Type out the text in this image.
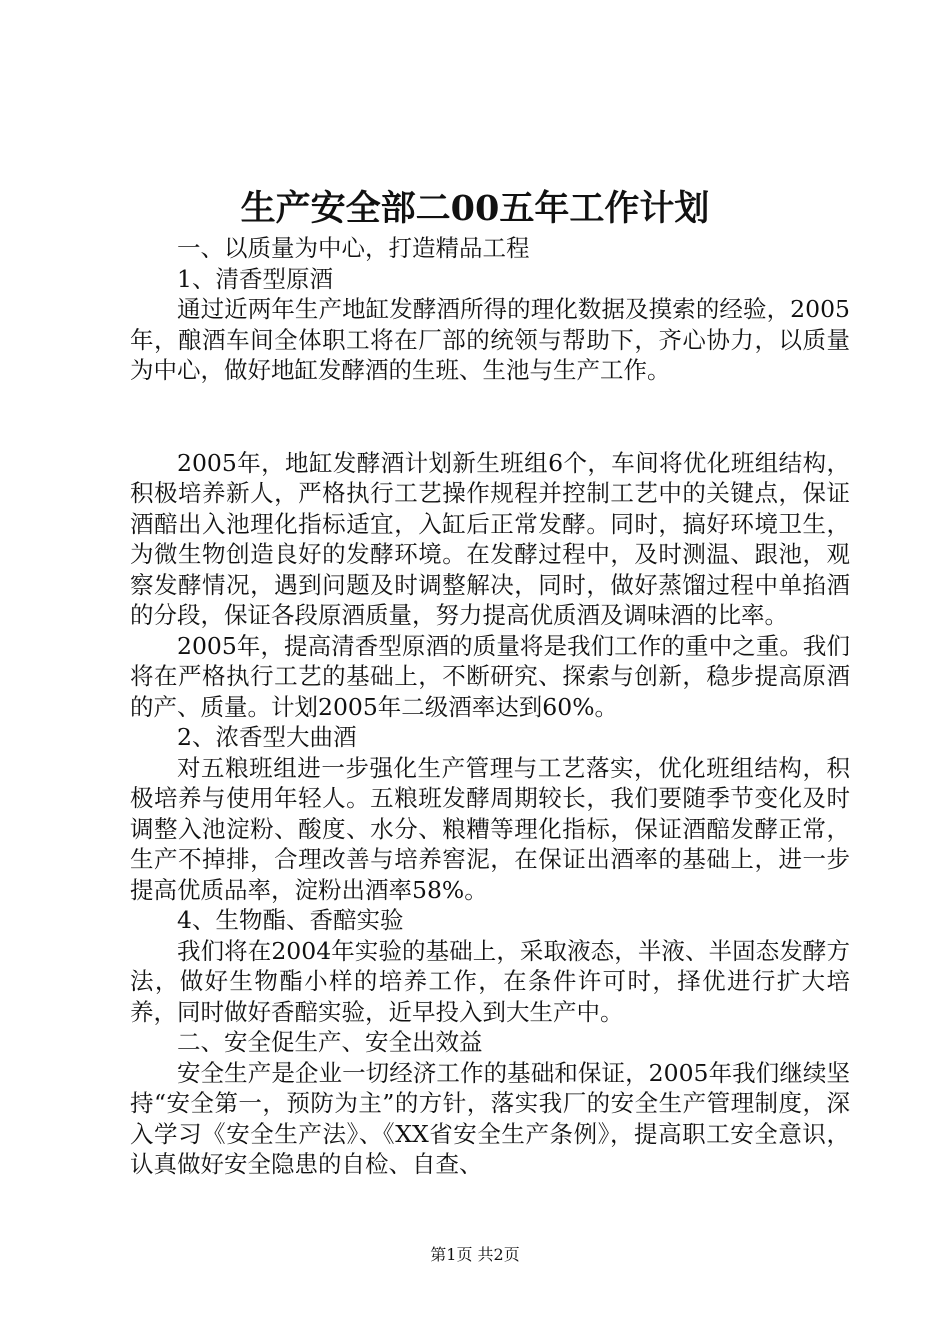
生产安全部二00五年工作计划

一、以质量为中心，打造精品工程

1、清香型原酒

通过近两年生产地缸发酵酒所得的理化数据及摸索的经验，2005年，酿酒车间全体职工将在厂部的统领与帮助下，齐心协力，以质量为中心，做好地缸发酵酒的生班、生池与生产工作。

2005年，地缸发酵酒计划新生班组6个，车间将优化班组结构，积极培养新人，严格执行工艺操作规程并控制工艺中的关键点，保证酒醅出入池理化指标适宜，入缸后正常发酵。同时，搞好环境卫生，为微生物创造良好的发酵环境。在发酵过程中，及时测温、跟池，观察发酵情况，遇到问题及时调整解决，同时，做好蒸馏过程中单掐酒的分段，保证各段原酒质量，努力提高优质酒及调味酒的比率。

2005年，提高清香型原酒的质量将是我们工作的重中之重。我们将在严格执行工艺的基础上，不断研究、探索与创新，稳步提高原酒的产、质量。计划2005年二级酒率达到60%。

2、浓香型大曲酒

对五粮班组进一步强化生产管理与工艺落实，优化班组结构，积极培养与使用年轻人。五粮班发酵周期较长，我们要随季节变化及时调整入池淀粉、酸度、水分、粮糟等理化指标，保证酒醅发酵正常，生产不掉排，合理改善与培养窖泥，在保证出酒率的基础上，进一步提高优质品率，淀粉出酒率58%。

4、生物酯、香醅实验

我们将在2004年实验的基础上，采取液态，半液、半固态发酵方法，做好生物酯小样的培养工作，在条件许可时，择优进行扩大培养，同时做好香醅实验，近早投入到大生产中。

二、安全促生产、安全出效益

安全生产是企业一切经济工作的基础和保证，2005年我们继续坚持“安全第一，预防为主”的方针，落实我厂的安全生产管理制度，深入学习《安全生产法》、《XX省安全生产条例》，提高职工安全意识，认真做好安全隐患的自检、自查、

第1页 共2页
